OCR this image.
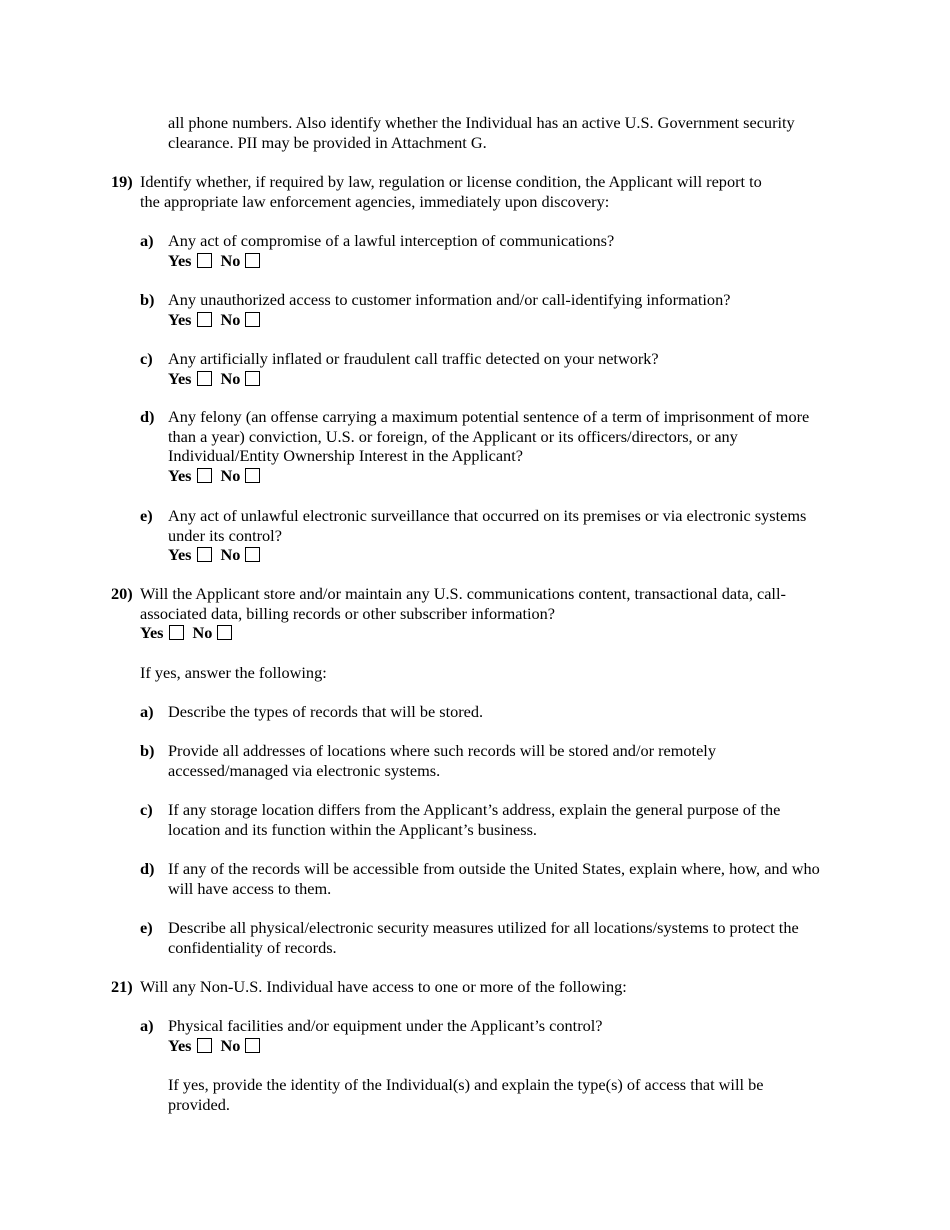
all phone numbers. Also identify whether the Individual has an active U.S. Government security clearance. PII may be provided in Attachment G.

19) Identify whether, if required by law, regulation or license condition, the Applicant will report to the appropriate law enforcement agencies, immediately upon discovery:
a) Any act of compromise of a lawful interception of communications?
Yes No
b) Any unauthorized access to customer information and/or call-identifying information?
Yes No
c) Any artificially inflated or fraudulent call traffic detected on your network?
Yes No
d) Any felony (an offense carrying a maximum potential sentence of a term of imprisonment of more than a year) conviction, U.S. or foreign, of the Applicant or its officers/directors, or any Individual/Entity Ownership Interest in the Applicant?
Yes No
e) Any act of unlawful electronic surveillance that occurred on its premises or via electronic systems under its control?
Yes No
20) Will the Applicant store and/or maintain any U.S. communications content, transactional data, call-associated data, billing records or other subscriber information?
Yes No

If yes, answer the following:

a) Describe the types of records that will be stored.
b) Provide all addresses of locations where such records will be stored and/or remotely accessed/managed via electronic systems.
c) If any storage location differs from the Applicant’s address, explain the general purpose of the location and its function within the Applicant’s business.
d) If any of the records will be accessible from outside the United States, explain where, how, and who will have access to them.
e) Describe all physical/electronic security measures utilized for all locations/systems to protect the confidentiality of records.
21) Will any Non-U.S. Individual have access to one or more of the following:
a) Physical facilities and/or equipment under the Applicant’s control?
Yes No

If yes, provide the identity of the Individual(s) and explain the type(s) of access that will be provided.
